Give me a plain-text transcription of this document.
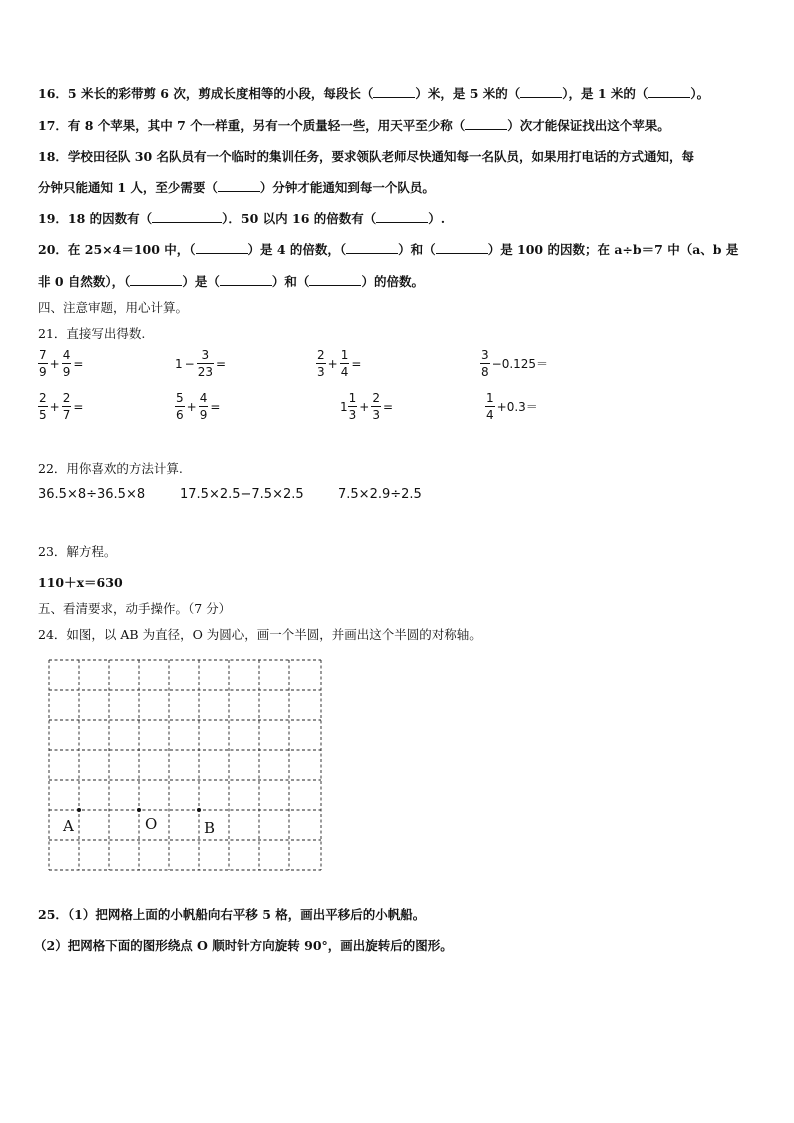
16．5 米长的彩带剪 6 次，剪成长度相等的小段，每段长（	）米，是 5 米的（	），是 1 米的（	）。
17．有 8 个苹果，其中 7 个一样重，另有一个质量轻一些，用天平至少称（	）次才能保证找出这个苹果。
18．学校田径队 30 名队员有一个临时的集训任务，要求领队老师尽快通知每一名队员，如果用打电话的方式通知，每
分钟只能通知 1 人，至少需要（	）分钟才能通知到每一个队员。
19．18 的因数有（	）．50 以内 16 的倍数有（	）.
20．在 25×4＝100 中，（	）是 4 的倍数，（	）和（	）是 100 的因数；在 a÷b＝7 中（a、b 是
非 0 自然数），（	）是（	）和（	）的倍数。
四、注意审题，用心计算。
21．直接写出得数.
$\frac{7}{9} + \frac{4}{9}$ =	$1 - \frac{3}{23}$ =	$\frac{2}{3} + \frac{1}{4}$ =	$\frac{3}{8} -0.125=$
$\frac{2}{5} + \frac{2}{7}$ =	$\frac{5}{6} + \frac{4}{9}$ =	$1 \frac{1}{3} + \frac{2}{3}$ =	$\frac{1}{4} +0.3=$
22．用你喜欢的方法计算.
36.5×8÷36.5×8	17.5×2.5−7.5×2.5	7.5×2.9÷2.5
23．解方程。
110＋x＝630
五、看清要求，动手操作。（7 分）
24．如图，以 AB 为直径，O 为圆心，画一个半圆，并画出这个半圆的对称轴。
A	O	B
25．（1）把网格上面的小帆船向右平移 5 格，画出平移后的小帆船。
（2）把网格下面的图形绕点 O 顺时针方向旋转 90°，画出旋转后的图形。
